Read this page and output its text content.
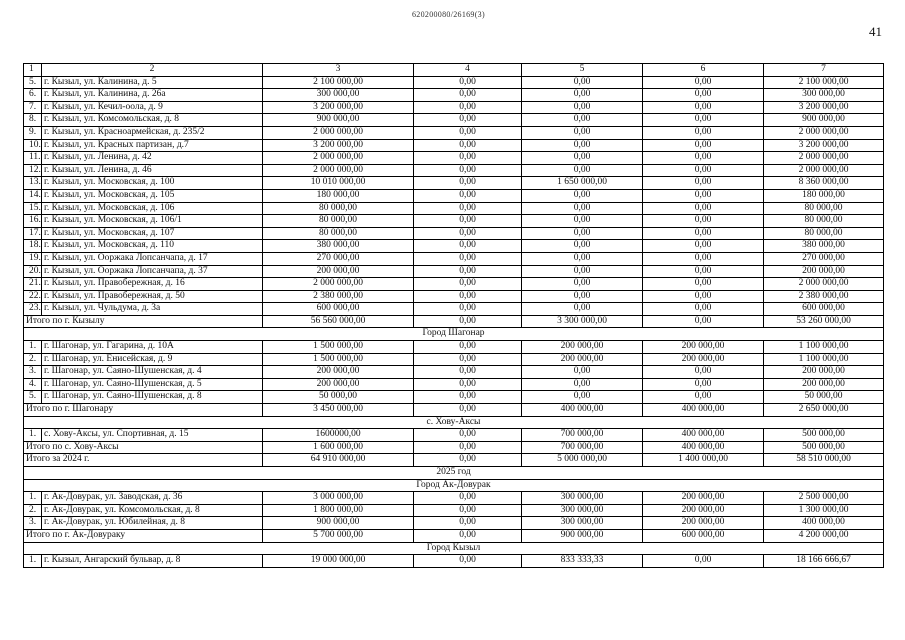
620200080/26169(3)
41
1	2	3	4	5	6	7
5.	г. Кызыл, ул. Калинина, д. 5	2 100 000,00	0,00	0,00	0,00	2 100 000,00
6.	г. Кызыл, ул. Калинина, д. 26а	300 000,00	0,00	0,00	0,00	300 000,00
7.	г. Кызыл, ул. Кечил-оола, д. 9	3 200 000,00	0,00	0,00	0,00	3 200 000,00
8.	г. Кызыл, ул. Комсомольская, д. 8	900 000,00	0,00	0,00	0,00	900 000,00
9.	г. Кызыл, ул. Красноармейская, д. 235/2	2 000 000,00	0,00	0,00	0,00	2 000 000,00
10.	г. Кызыл, ул. Красных партизан, д.7	3 200 000,00	0,00	0,00	0,00	3 200 000,00
11.	г. Кызыл, ул. Ленина, д. 42	2 000 000,00	0,00	0,00	0,00	2 000 000,00
12.	г. Кызыл, ул. Ленина, д. 46	2 000 000,00	0,00	0,00	0,00	2 000 000,00
13.	г. Кызыл, ул. Московская, д. 100	10 010 000,00	0,00	1 650 000,00	0,00	8 360 000,00
14.	г. Кызыл, ул. Московская, д. 105	180 000,00	0,00	0,00	0,00	180 000,00
15.	г. Кызыл, ул. Московская, д. 106	80 000,00	0,00	0,00	0,00	80 000,00
16.	г. Кызыл, ул. Московская, д. 106/1	80 000,00	0,00	0,00	0,00	80 000,00
17.	г. Кызыл, ул. Московская, д. 107	80 000,00	0,00	0,00	0,00	80 000,00
18.	г. Кызыл, ул. Московская, д. 110	380 000,00	0,00	0,00	0,00	380 000,00
19.	г. Кызыл, ул. Ооржака Лопсанчапа, д. 17	270 000,00	0,00	0,00	0,00	270 000,00
20.	г. Кызыл, ул. Ооржака Лопсанчапа, д. 37	200 000,00	0,00	0,00	0,00	200 000,00
21.	г. Кызыл, ул. Правобережная, д. 16	2 000 000,00	0,00	0,00	0,00	2 000 000,00
22.	г. Кызыл, ул. Правобережная, д. 50	2 380 000,00	0,00	0,00	0,00	2 380 000,00
23.	г. Кызыл, ул. Чульдума, д. 3а	600 000,00	0,00	0,00	0,00	600 000,00
Итого по г. Кызылу		56 560 000,00	0,00	3 300 000,00	0,00	53 260 000,00
Город Шагонар						
1.	г. Шагонар, ул. Гагарина, д. 10А	1 500 000,00	0,00	200 000,00	200 000,00	1 100 000,00
2.	г. Шагонар, ул. Енисейская, д. 9	1 500 000,00	0,00	200 000,00	200 000,00	1 100 000,00
3.	г. Шагонар, ул. Саяно-Шушенская, д. 4	200 000,00	0,00	0,00	0,00	200 000,00
4.	г. Шагонар, ул. Саяно-Шушенская, д. 5	200 000,00	0,00	0,00	0,00	200 000,00
5.	г. Шагонар, ул. Саяно-Шушенская, д. 8	50 000,00	0,00	0,00	0,00	50 000,00
Итого по г. Шагонару		3 450 000,00	0,00	400 000,00	400 000,00	2 650 000,00
с. Хову-Аксы						
1.	с. Хову-Аксы, ул. Спортивная, д. 15	1600000,00	0,00	700 000,00	400 000,00	500 000,00
Итого по с. Хову-Аксы		1 600 000,00	0,00	700 000,00	400 000,00	500 000,00
Итого за 2024 г.		64 910 000,00	0,00	5 000 000,00	1 400 000,00	58 510 000,00
2025 год						
Город Ак-Довурак						
1.	г. Ак-Довурак, ул. Заводская, д. 36	3 000 000,00	0,00	300 000,00	200 000,00	2 500 000,00
2.	г. Ак-Довурак, ул. Комсомольская, д. 8	1 800 000,00	0,00	300 000,00	200 000,00	1 300 000,00
3.	г. Ак-Довурак, ул. Юбилейная, д. 8	900 000,00	0,00	300 000,00	200 000,00	400 000,00
Итого по г. Ак-Довураку		5 700 000,00	0,00	900 000,00	600 000,00	4 200 000,00
Город Кызыл						
1.	г. Кызыл, Ангарский бульвар, д. 8	19 000 000,00	0,00	833 333,33	0,00	18 166 666,67
